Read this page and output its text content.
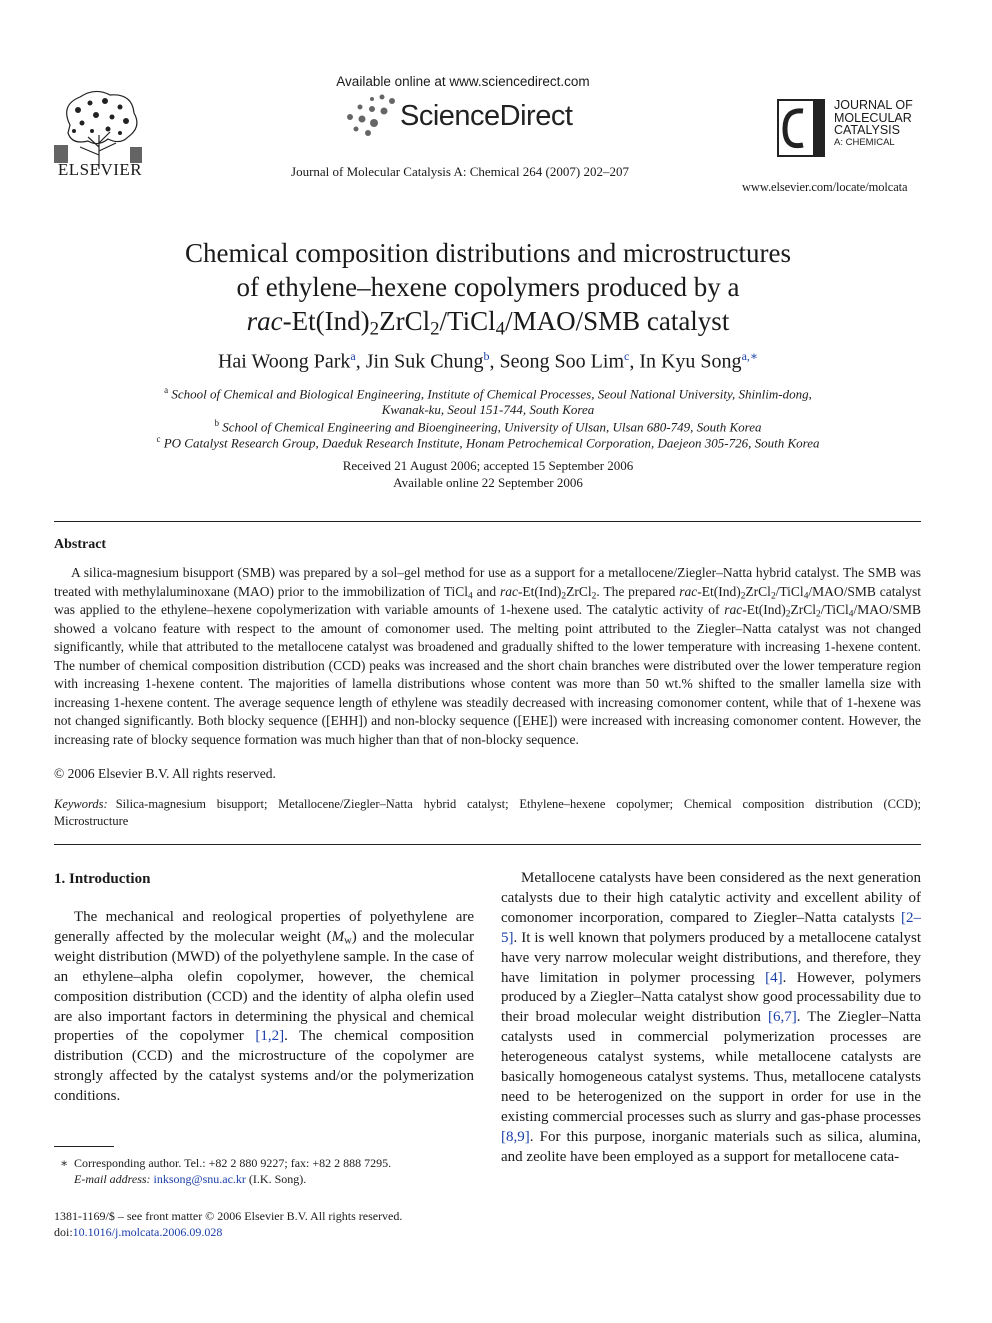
ELSEVIER
Available online at www.sciencedirect.com
ScienceDirect
Journal of Molecular Catalysis A: Chemical 264 (2007) 202–207
JOURNAL OF
MOLECULAR
CATALYSIS
A: CHEMICAL
www.elsevier.com/locate/molcata
Chemical composition distributions and microstructures
of ethylene–hexene copolymers produced by a
rac-$Et(Ind)_2ZrCl_2/TiCl_4/MAO$/SMB catalyst
Hai Woong Park$^a$, Jin Suk Chung$^b$, Seong Soo Lim$^c$, In Kyu Song$^{a,∗}$
$^a$ School of Chemical and Biological Engineering, Institute of Chemical Processes, Seoul National University, Shinlim-dong,
Kwanak-ku, Seoul 151-744, South Korea
$^b$ School of Chemical Engineering and Bioengineering, University of Ulsan, Ulsan 680-749, South Korea
$^c$ PO Catalyst Research Group, Daeduk Research Institute, Honam Petrochemical Corporation, Daejeon 305-726, South Korea
Received 21 August 2006; accepted 15 September 2006
Available online 22 September 2006
Abstract

A silica-magnesium bisupport (SMB) was prepared by a sol–gel method for use as a support for a metallocene/Ziegler–Natta hybrid catalyst. The SMB was treated with methylaluminoxane (MAO) prior to the immobilization of TiCl$_4$ and rac-$Et(Ind)_2ZrCl_2$. The prepared rac-$Et(Ind)_2ZrCl_2/TiCl_4/MAO$/SMB catalyst was applied to the ethylene–hexene copolymerization with variable amounts of 1-hexene used. The catalytic activity of rac-$Et(Ind)_2ZrCl_2/TiCl_4/MAO$/SMB showed a volcano feature with respect to the amount of comonomer used. The melting point attributed to the Ziegler–Natta catalyst was not changed significantly, while that attributed to the metallocene catalyst was broadened and gradually shifted to the lower temperature with increasing 1-hexene content. The number of chemical composition distribution (CCD) peaks was increased and the short chain branches were distributed over the lower temperature region with increasing 1-hexene content. The majorities of lamella distributions whose content was more than 50 wt.% shifted to the smaller lamella size with increasing 1-hexene content. The average sequence length of ethylene was steadily decreased with increasing comonomer content, while that of 1-hexene was not changed significantly. Both blocky sequence ([EHH]) and non-blocky sequence ([EHE]) were increased with increasing comonomer content. However, the increasing rate of blocky sequence formation was much higher than that of non-blocky sequence.

© 2006 Elsevier B.V. All rights reserved.
Keywords: Silica-magnesium bisupport; Metallocene/Ziegler–Natta hybrid catalyst; Ethylene–hexene copolymer; Chemical composition distribution (CCD); Microstructure
1. Introduction

The mechanical and reological properties of polyethylene are generally affected by the molecular weight $(M_w)$ and the molecular weight distribution (MWD) of the polyethylene sample. In the case of an ethylene–alpha olefin copolymer, however, the chemical composition distribution (CCD) and the identity of alpha olefin used are also important factors in determining the physical and chemical properties of the copolymer [1,2]. The chemical composition distribution (CCD) and the microstructure of the copolymer are strongly affected by the catalyst systems and/or the polymerization conditions.

Metallocene catalysts have been considered as the next generation catalysts due to their high catalytic activity and excellent ability of comonomer incorporation, compared to Ziegler–Natta catalysts [2–5]. It is well known that polymers produced by a metallocene catalyst have very narrow molecular weight distributions, and therefore, they have limitation in polymer processing [4]. However, polymers produced by a Ziegler–Natta catalyst show good processability due to their broad molecular weight distribution [6,7]. The Ziegler–Natta catalysts used in commercial polymerization processes are heterogeneous catalyst systems, while metallocene catalysts are basically homogeneous catalyst systems. Thus, metallocene catalysts need to be heterogenized on the support in order for use in the existing commercial processes such as slurry and gas-phase processes [8,9]. For this purpose, inorganic materials such as silica, alumina, and zeolite have been employed as a support for metallocene cata-

∗ Corresponding author. Tel.: +82 2 880 9227; fax: +82 2 888 7295.
E-mail address: inksong@snu.ac.kr (I.K. Song).
1381-1169/$ – see front matter © 2006 Elsevier B.V. All rights reserved.
doi:10.1016/j.molcata.2006.09.028
